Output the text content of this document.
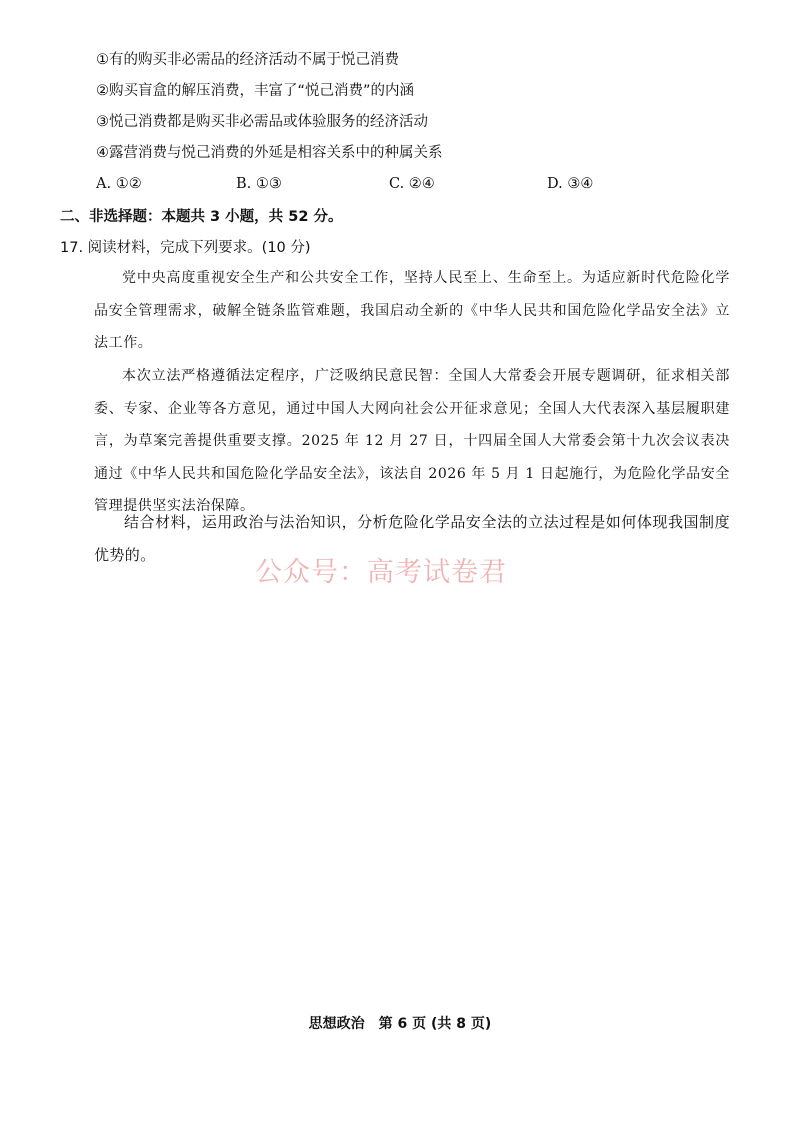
①有的购买非必需品的经济活动不属于悦己消费
②购买盲盒的解压消费，丰富了“悦己消费”的内涵
③悦己消费都是购买非必需品或体验服务的经济活动
④露营消费与悦己消费的外延是相容关系中的种属关系
A. ①②	B. ①③	C. ②④	D. ③④
二、非选择题：本题共 3 小题，共 52 分。
17. 阅读材料，完成下列要求。(10 分)

党中央高度重视安全生产和公共安全工作，坚持人民至上、生命至上。为适应新时代危险化学品安全管理需求，破解全链条监管难题，我国启动全新的《中华人民共和国危险化学品安全法》立法工作。

本次立法严格遵循法定程序，广泛吸纳民意民智：全国人大常委会开展专题调研，征求相关部委、专家、企业等各方意见，通过中国人大网向社会公开征求意见；全国人大代表深入基层履职建言，为草案完善提供重要支撑。2025 年 12 月 27 日，十四届全国人大常委会第十九次会议表决通过《中华人民共和国危险化学品安全法》，该法自 2026 年 5 月 1 日起施行，为危险化学品安全管理提供坚实法治保障。

结合材料，运用政治与法治知识，分析危险化学品安全法的立法过程是如何体现我国制度优势的。

公众号：高考试卷君
思想政治　第 6 页 (共 8 页)
